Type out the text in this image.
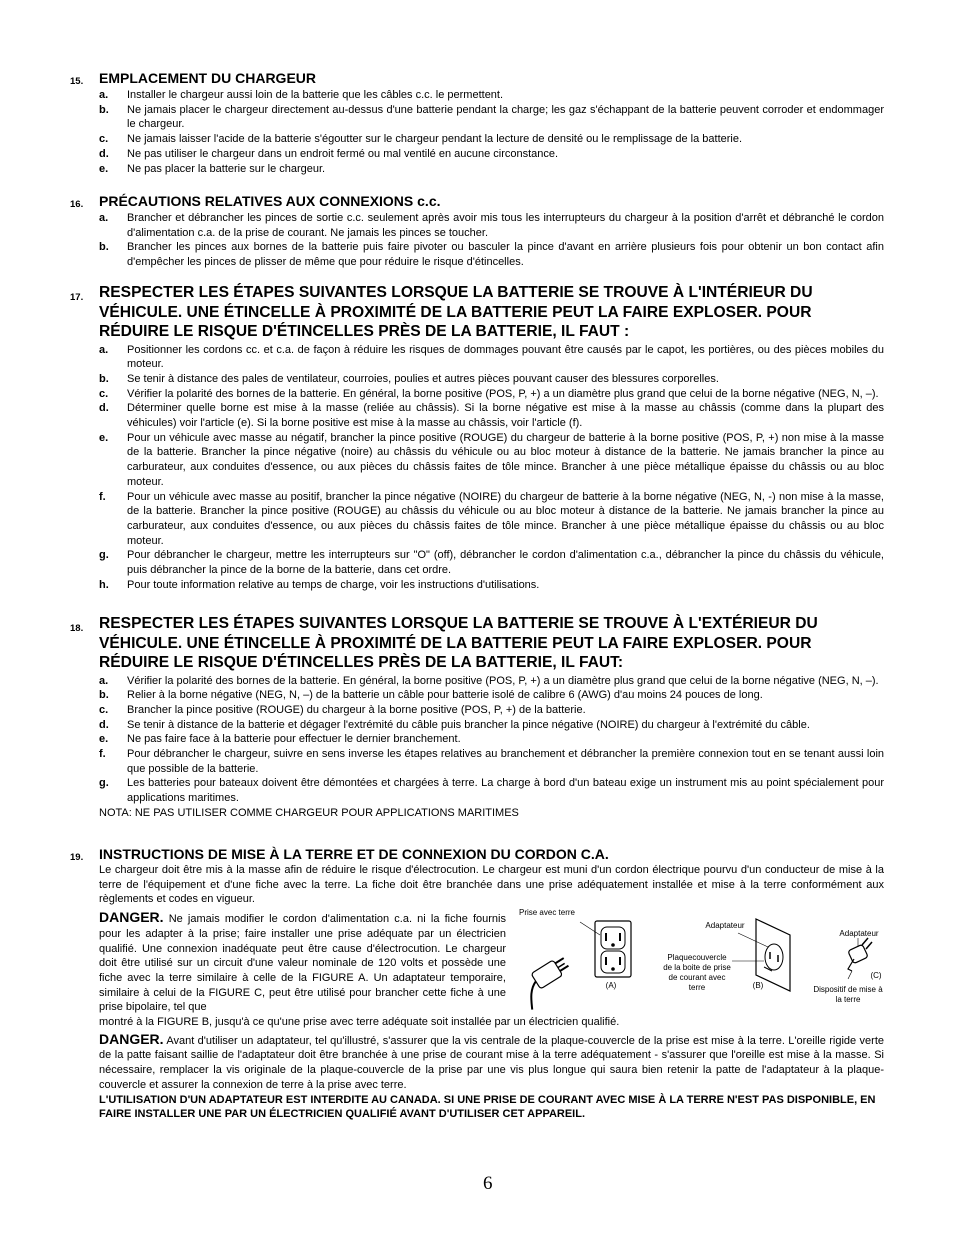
15. EMPLACEMENT DU CHARGEUR
a. Installer le chargeur aussi loin de la batterie que les câbles c.c. le permettent.
b. Ne jamais placer le chargeur directement au-dessus d'une batterie pendant la charge; les gaz s'échappant de la batterie peuvent corroder et endommager le chargeur.
c. Ne jamais laisser l'acide de la batterie s'égoutter sur le chargeur pendant la lecture de densité ou le remplissage de la batterie.
d. Ne pas utiliser le chargeur dans un endroit fermé ou mal ventilé en aucune circonstance.
e. Ne pas placer la batterie sur le chargeur.
16. PRÉCAUTIONS RELATIVES AUX CONNEXIONS c.c.
a. Brancher et débrancher les pinces de sortie c.c. seulement après avoir mis tous les interrupteurs du chargeur à la position d'arrêt et débranché le cordon d'alimentation c.a. de la prise de courant. Ne jamais les pinces se toucher.
b. Brancher les pinces aux bornes de la batterie puis faire pivoter ou basculer la pince d'avant en arrière plusieurs fois pour obtenir un bon contact afin d'empêcher les pinces de plisser de même que pour réduire le risque d'étincelles.
17. RESPECTER LES ÉTAPES SUIVANTES LORSQUE LA BATTERIE SE TROUVE À L'INTÉRIEUR DU VÉHICULE. UNE ÉTINCELLE À PROXIMITÉ DE LA BATTERIE PEUT LA FAIRE EXPLOSER. POUR RÉDUIRE LE RISQUE D'ÉTINCELLES PRÈS DE LA BATTERIE, IL FAUT :
a. Positionner les cordons cc. et c.a. de façon à réduire les risques de dommages pouvant être causés par le capot, les portières, ou des pièces mobiles du moteur.
b. Se tenir à distance des pales de ventilateur, courroies, poulies et autres pièces pouvant causer des blessures corporelles.
c. Vérifier la polarité des bornes de la batterie. En général, la borne positive (POS, P, +) a un diamètre plus grand que celui de la borne négative (NEG, N, –).
d. Déterminer quelle borne est mise à la masse (reliée au châssis). Si la borne négative est mise à la masse au châssis (comme dans la plupart des véhicules) voir l'article (e). Si la borne positive est mise à la masse au châssis, voir l'article (f).
e. Pour un véhicule avec masse au négatif, brancher la pince positive (ROUGE) du chargeur de batterie à la borne positive (POS, P, +) non mise à la masse de la batterie. Brancher la pince négative (noire) au châssis du véhicule ou au bloc moteur à distance de la batterie. Ne jamais brancher la pince au carburateur, aux conduites d'essence, ou aux pièces du châssis faites de tôle mince. Brancher à une pièce métallique épaisse du châssis ou au bloc moteur.
f. Pour un véhicule avec masse au positif, brancher la pince négative (NOIRE) du chargeur de batterie à la borne négative (NEG, N, -) non mise à la masse, de la batterie. Brancher la pince positive (ROUGE) au châssis du véhicule ou au bloc moteur à distance de la batterie. Ne jamais brancher la pince au carburateur, aux conduites d'essence, ou aux pièces du châssis faites de tôle mince. Brancher à une pièce métallique épaisse du châssis ou au bloc moteur.
g. Pour débrancher le chargeur, mettre les interrupteurs sur "O" (off), débrancher le cordon d'alimentation c.a., débrancher la pince du châssis du véhicule, puis débrancher la pince de la borne de la batterie, dans cet ordre.
h. Pour toute information relative au temps de charge, voir les instructions d'utilisations.
18. RESPECTER LES ÉTAPES SUIVANTES LORSQUE LA BATTERIE SE TROUVE À L'EXTÉRIEUR DU VÉHICULE. UNE ÉTINCELLE À PROXIMITÉ DE LA BATTERIE PEUT LA FAIRE EXPLOSER. POUR RÉDUIRE LE RISQUE D'ÉTINCELLES PRÈS DE LA BATTERIE, IL FAUT:
a. Vérifier la polarité des bornes de la batterie. En général, la borne positive (POS, P, +) a un diamètre plus grand que celui de la borne négative (NEG, N, –).
b. Relier à la borne négative (NEG, N, –) de la batterie un câble pour batterie isolé de calibre 6 (AWG) d'au moins 24 pouces de long.
c. Brancher la pince positive (ROUGE) du chargeur à la borne positive (POS, P, +) de la batterie.
d. Se tenir à distance de la batterie et dégager l'extrémité du câble puis brancher la pince négative (NOIRE) du chargeur à l'extrémité du câble.
e. Ne pas faire face à la batterie pour effectuer le dernier branchement.
f. Pour débrancher le chargeur, suivre en sens inverse les étapes relatives au branchement et débrancher la première connexion tout en se tenant aussi loin que possible de la batterie.
g. Les batteries pour bateaux doivent être démontées et chargées à terre. La charge à bord d'un bateau exige un instrument mis au point spécialement pour applications maritimes.
NOTA: NE PAS UTILISER COMME CHARGEUR POUR APPLICATIONS MARITIMES
19. INSTRUCTIONS DE MISE À LA TERRE ET DE CONNEXION DU CORDON C.A.
Le chargeur doit être mis à la masse afin de réduire le risque d'électrocution. Le chargeur est muni d'un cordon électrique pourvu d'un conducteur de mise à la terre de l'équipement et d'une fiche avec la terre. La fiche doit être branchée dans une prise adéquatement installée et mise à la terre conformément aux règlements et codes en vigueur.
DANGER. Ne jamais modifier le cordon d'alimentation c.a. ni la fiche fournis pour les adapter à la prise; faire installer une prise adéquate par un électricien qualifié. Une connexion inadéquate peut être cause d'électrocution. Le chargeur doit être utilisé sur un circuit d'une valeur nominale de 120 volts et possède une fiche avec la terre similaire à celle de la FIGURE A. Un adaptateur temporaire, similaire à celui de la FIGURE C, peut être utilisé pour brancher cette fiche à une prise bipolaire, tel que
montré à la FIGURE B, jusqu'à ce qu'une prise avec terre adéquate soit installée par un électricien qualifié.
DANGER. Avant d'utiliser un adaptateur, tel qu'illustré, s'assurer que la vis centrale de la plaque-couvercle de la prise est mise à la terre. L'oreille rigide verte de la patte faisant saillie de l'adaptateur doit être branchée à une prise de courant mise à la terre adéquatement - s'assurer que l'oreille est mise à la masse. Si nécessaire, remplacer la vis originale de la plaque-couvercle de la prise par une vis plus longue qui saura bien retenir la patte de l'adaptateur à la plaque-couvercle et assurer la connexion de terre à la prise avec terre.
L'UTILISATION D'UN ADAPTATEUR EST INTERDITE AU CANADA. SI UNE PRISE DE COURANT AVEC MISE À LA TERRE N'EST PAS DISPONIBLE, EN FAIRE INSTALLER UNE PAR UN ÉLECTRICIEN QUALIFIÉ AVANT D'UTILISER CET APPAREIL.
Prise avec terre
(A)
Adaptateur
Plaquecouvercle de la boite de prise de courant avec terre	(B)
Adaptateur
(C)
Dispositif de mise à la terre
6
